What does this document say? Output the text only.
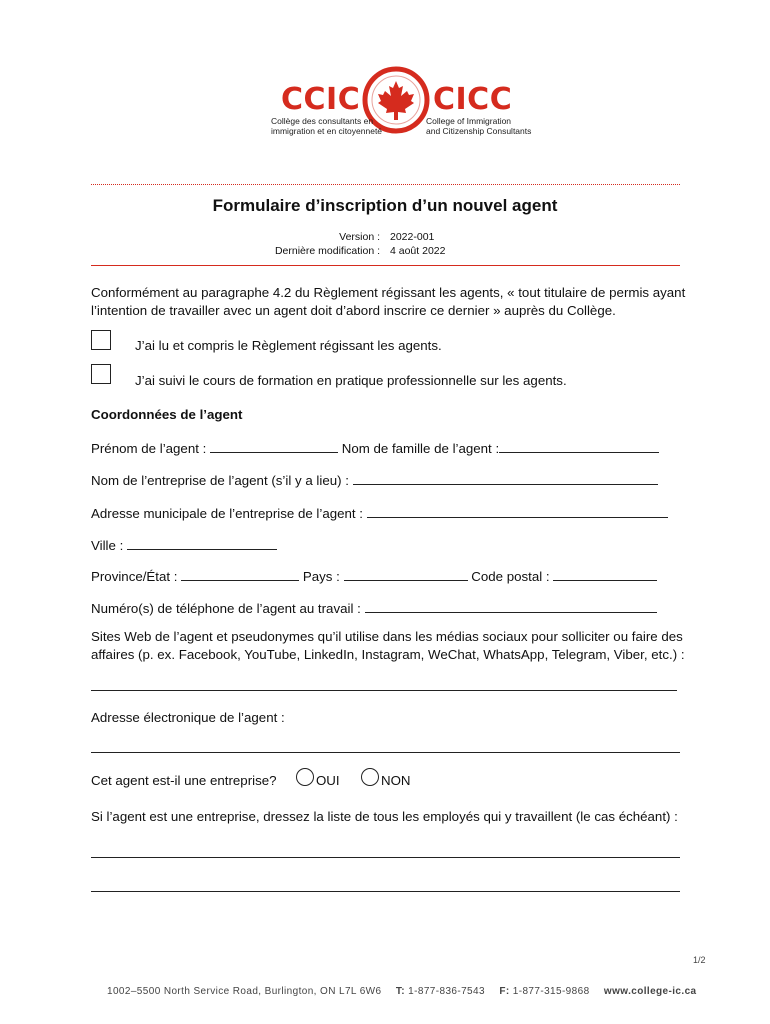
CCIC CICC
Collège des consultants en
immigration et en citoyenneté
College of Immigration
and Citizenship Consultants
Formulaire d’inscription d’un nouvel agent
Version : 2022-001
Dernière modification : 4 août 2022
Conformément au paragraphe 4.2 du Règlement régissant les agents, « tout titulaire de permis ayant
l’intention de travailler avec un agent doit d’abord inscrire ce dernier » auprès du Collège.
J’ai lu et compris le Règlement régissant les agents.
J’ai suivi le cours de formation en pratique professionnelle sur les agents.
Coordonnées de l’agent
Prénom de l’agent :	Nom de famille de l’agent :
Nom de l’entreprise de l’agent (s’il y a lieu) :
Adresse municipale de l’entreprise de l’agent :
Ville :
Province/État :	Pays :	Code postal :
Numéro(s) de téléphone de l’agent au travail :
Sites Web de l’agent et pseudonymes qu’il utilise dans les médias sociaux pour solliciter ou faire des
affaires (p. ex. Facebook, YouTube, LinkedIn, Instagram, WeChat, WhatsApp, Telegram, Viber, etc.) :
Adresse électronique de l’agent :
Cet agent est-il une entreprise?	OUI	NON
Si l’agent est une entreprise, dressez la liste de tous les employés qui y travaillent (le cas échéant) :
1/2
1002–5500 North Service Road, Burlington, ON L7L 6W6 T: 1-877-836-7543 F: 1-877-315-9868 www.college-ic.ca
